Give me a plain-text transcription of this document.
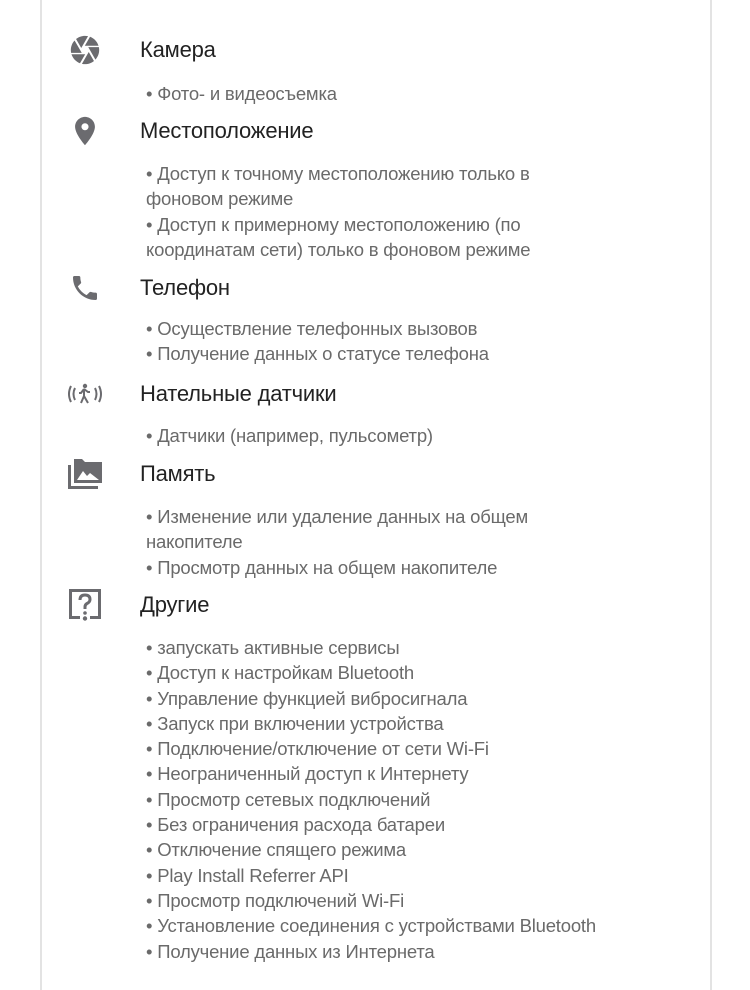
Камера
• Фото- и видеосъемка
Местоположение
• Доступ к точному местоположению только в
фоновом режиме
• Доступ к примерному местоположению (по
координатам сети) только в фоновом режиме
Телефон
• Осуществление телефонных вызовов
• Получение данных о статусе телефона
Нательные датчики
• Датчики (например, пульсометр)
Память
• Изменение или удаление данных на общем
накопителе
• Просмотр данных на общем накопителе
Другие
• запускать активные сервисы
• Доступ к настройкам Bluetooth
• Управление функцией вибросигнала
• Запуск при включении устройства
• Подключение/отключение от сети Wi-Fi
• Неограниченный доступ к Интернету
• Просмотр сетевых подключений
• Без ограничения расхода батареи
• Отключение спящего режима
• Play Install Referrer API
• Просмотр подключений Wi-Fi
• Установление соединения с устройствами Bluetooth
• Получение данных из Интернета
